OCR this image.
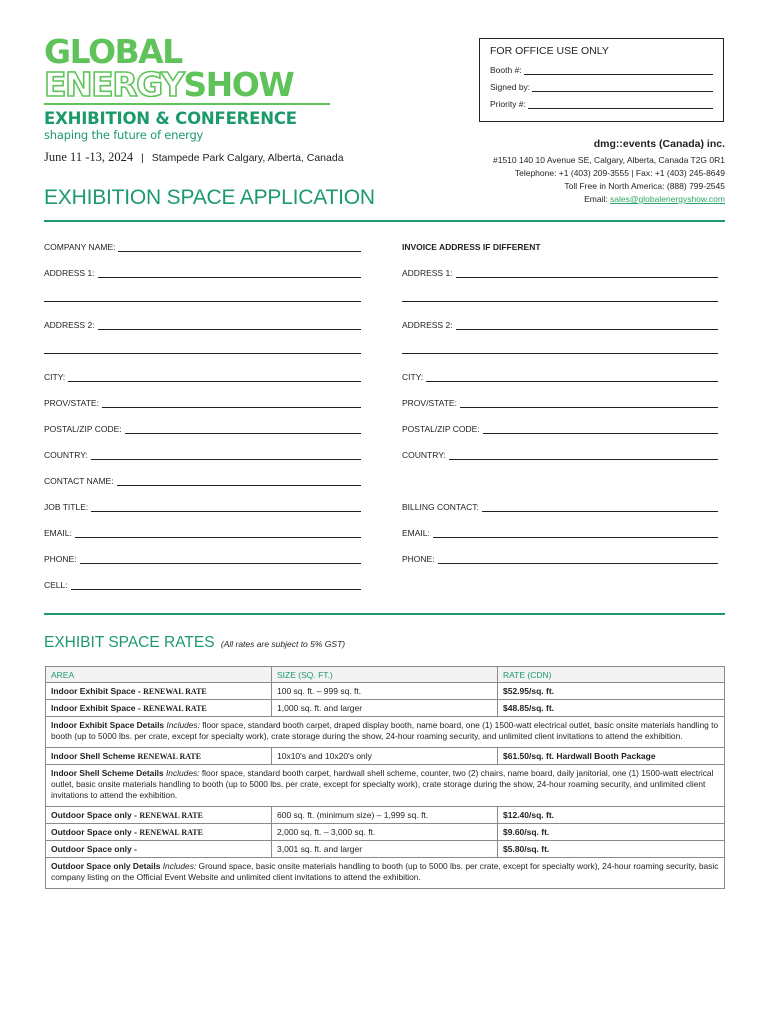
GLOBAL
ENERGYSHOW
EXHIBITION & CONFERENCE
shaping the future of energy
June 11 -13, 2024 | Stampede Park Calgary, Alberta, Canada
FOR OFFICE USE ONLY
Booth #:
Signed by:
Priority #:
dmg::events (Canada) inc.
#1510 140 10 Avenue SE, Calgary, Alberta, Canada T2G 0R1
Telephone: +1 (403) 209-3555 | Fax: +1 (403) 245-8649
Toll Free in North America: (888) 799-2545
Email: sales@globalenergyshow.com
EXHIBITION SPACE APPLICATION
COMPANY NAME:
ADDRESS 1:
ADDRESS 2:
CITY:
PROV/STATE:
POSTAL/ZIP CODE:
COUNTRY:
CONTACT NAME:
JOB TITLE:
EMAIL:
PHONE:
CELL:
INVOICE ADDRESS IF DIFFERENT
ADDRESS 1:
ADDRESS 2:
CITY:
PROV/STATE:
POSTAL/ZIP CODE:
COUNTRY:
BILLING CONTACT:
EMAIL:
PHONE:
EXHIBIT SPACE RATES (All rates are subject to 5% GST)
AREA	SIZE (SQ. FT.)	RATE (CDN)
Indoor Exhibit Space - RENEWAL RATE	100 sq. ft. – 999 sq. ft.	$52.95/sq. ft.
Indoor Exhibit Space - RENEWAL RATE	1,000 sq. ft. and larger	$48.85/sq. ft.
Indoor Exhibit Space Details Includes: floor space, standard booth carpet, draped display booth, name board, one (1) 1500-watt electrical outlet, basic onsite materials handling to booth (up to 5000 lbs. per crate, except for specialty work), crate storage during the show, 24-hour roaming security, and unlimited client invitations to attend the exhibition.		
Indoor Shell Scheme RENEWAL RATE	10x10's and 10x20's only	$61.50/sq. ft. Hardwall Booth Package
Indoor Shell Scheme Details Includes: floor space, standard booth carpet, hardwall shell scheme, counter, two (2) chairs, name board, daily janitorial, one (1) 1500-watt electrical outlet, basic onsite materials handling to booth (up to 5000 lbs. per crate, except for specialty work), crate storage during the show, 24-hour roaming security, and unlimited client invitations to attend the exhibition.		
Outdoor Space only - RENEWAL RATE	600 sq. ft. (minimum size) – 1,999 sq. ft.	$12.40/sq. ft.
Outdoor Space only - RENEWAL RATE	2,000 sq. ft. – 3,000 sq. ft.	$9.60/sq. ft.
Outdoor Space only -	3,001 sq. ft. and larger	$5.80/sq. ft.
Outdoor Space only Details Includes: Ground space, basic onsite materials handling to booth (up to 5000 lbs. per crate, except for specialty work), 24-hour roaming security, basic company listing on the Official Event Website and unlimited client invitations to attend the exhibition.		
